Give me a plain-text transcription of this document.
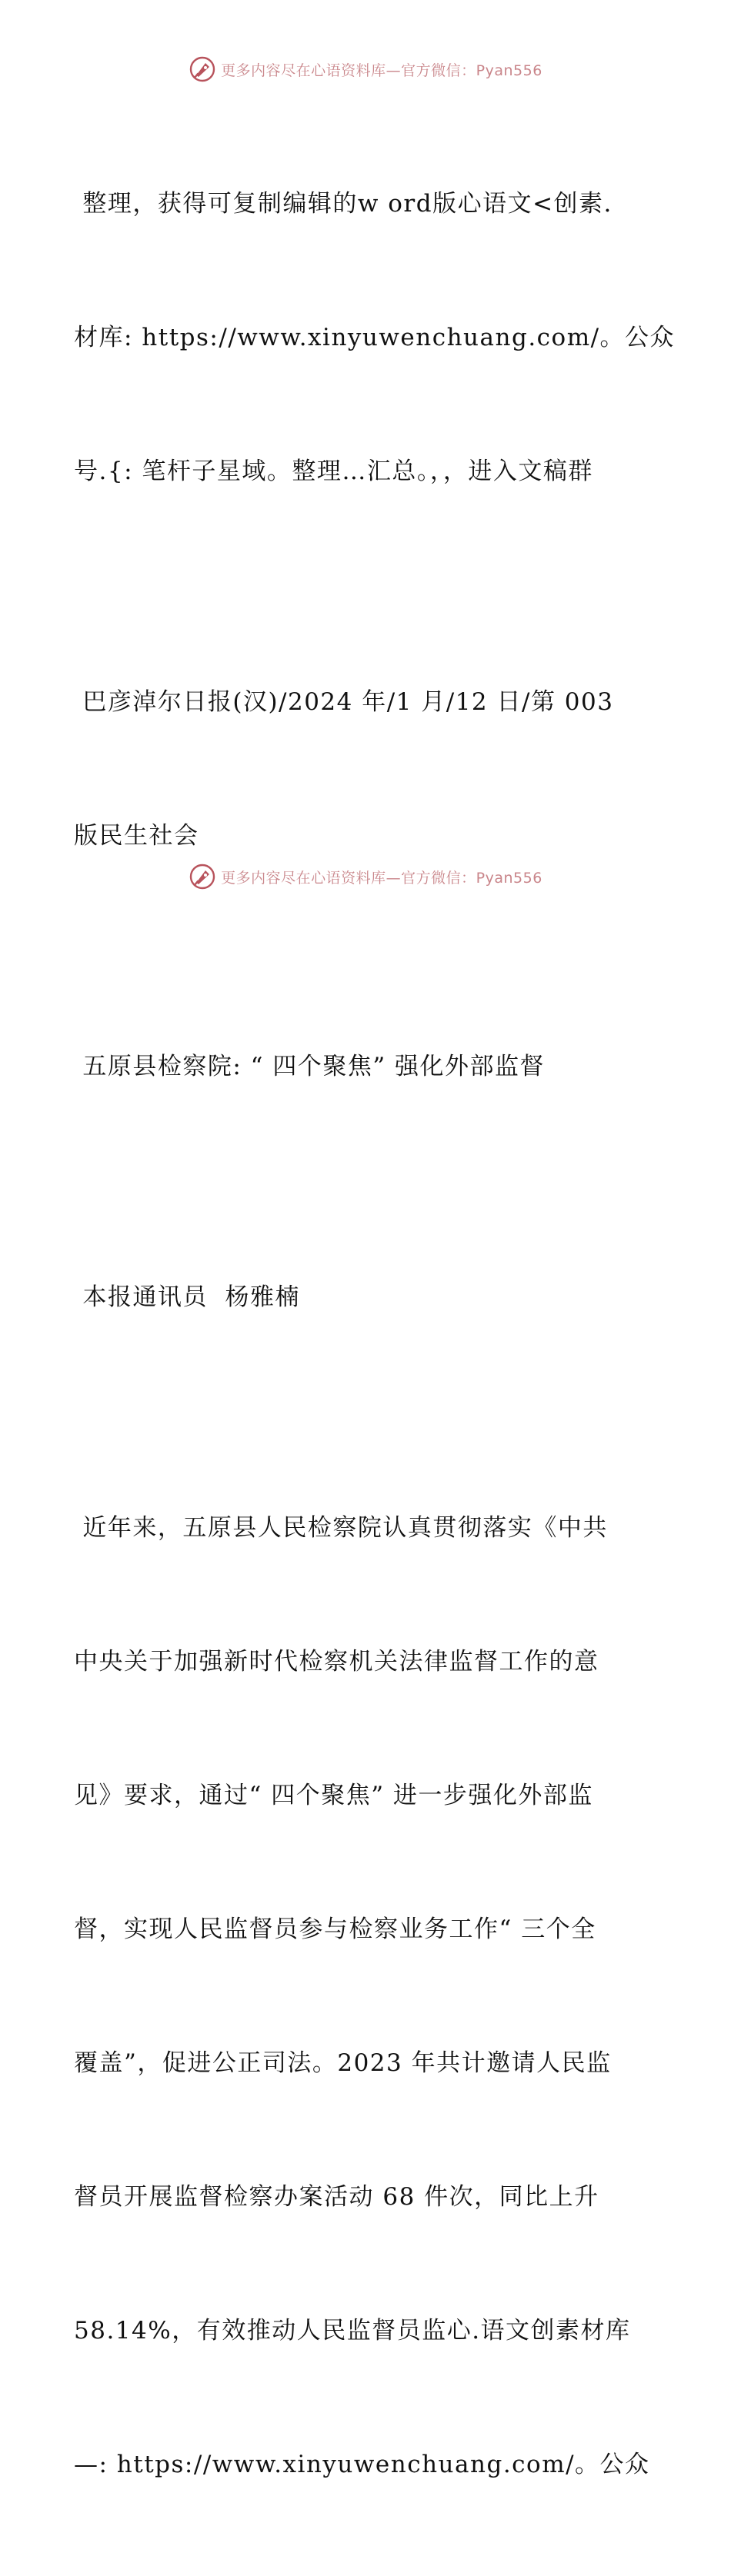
更多内容尽在心语资料库—官方微信：Pyan556

整理，获得可复制编辑的w ord版心语文<创素.

材库: https://www.xinyuwenchuang.com/。公众

号.{: 笔杆子星域。整理…汇总。，，进入文稿群

巴彦淖尔日报(汉)/2024 年/1 月/12 日/第 003

版民生社会

五原县检察院: “ 四个聚焦” 强化外部监督

本报通讯员  杨雅楠

近年来，五原县人民检察院认真贯彻落实《中共

中央关于加强新时代检察机关法律监督工作的意

见》要求，通过“ 四个聚焦” 进一步强化外部监

督，实现人民监督员参与检察业务工作“ 三个全

覆盖”，促进公正司法。2023 年共计邀请人民监

督员开展监督检察办案活动 68 件次，同比上升

58.14%，有效推动人民监督员监心.语文创素材库

—: https://www.xinyuwenchuang.com/。公众

更多内容尽在心语资料库—官方微信：Pyan556
